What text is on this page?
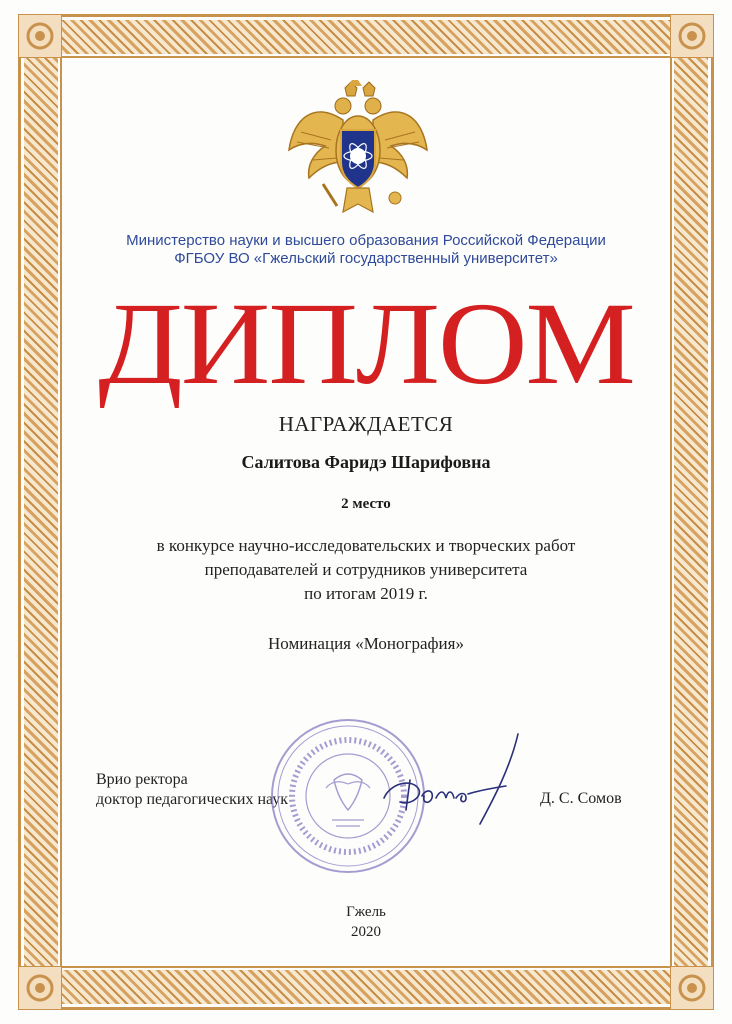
Министерство науки и высшего образования Российской Федерации
ФГБОУ ВО «Гжельский государственный университет»
ДИПЛОМ
НАГРАЖДАЕТСЯ
Салитова Фаридэ Шарифовна
2 место
в конкурсе научно-исследовательских и творческих работ
преподавателей и сотрудников университета
по итогам 2019 г.
Номинация «Монография»
Врио ректора
доктор педагогических наук	Д. С. Сомов
Гжель
2020
